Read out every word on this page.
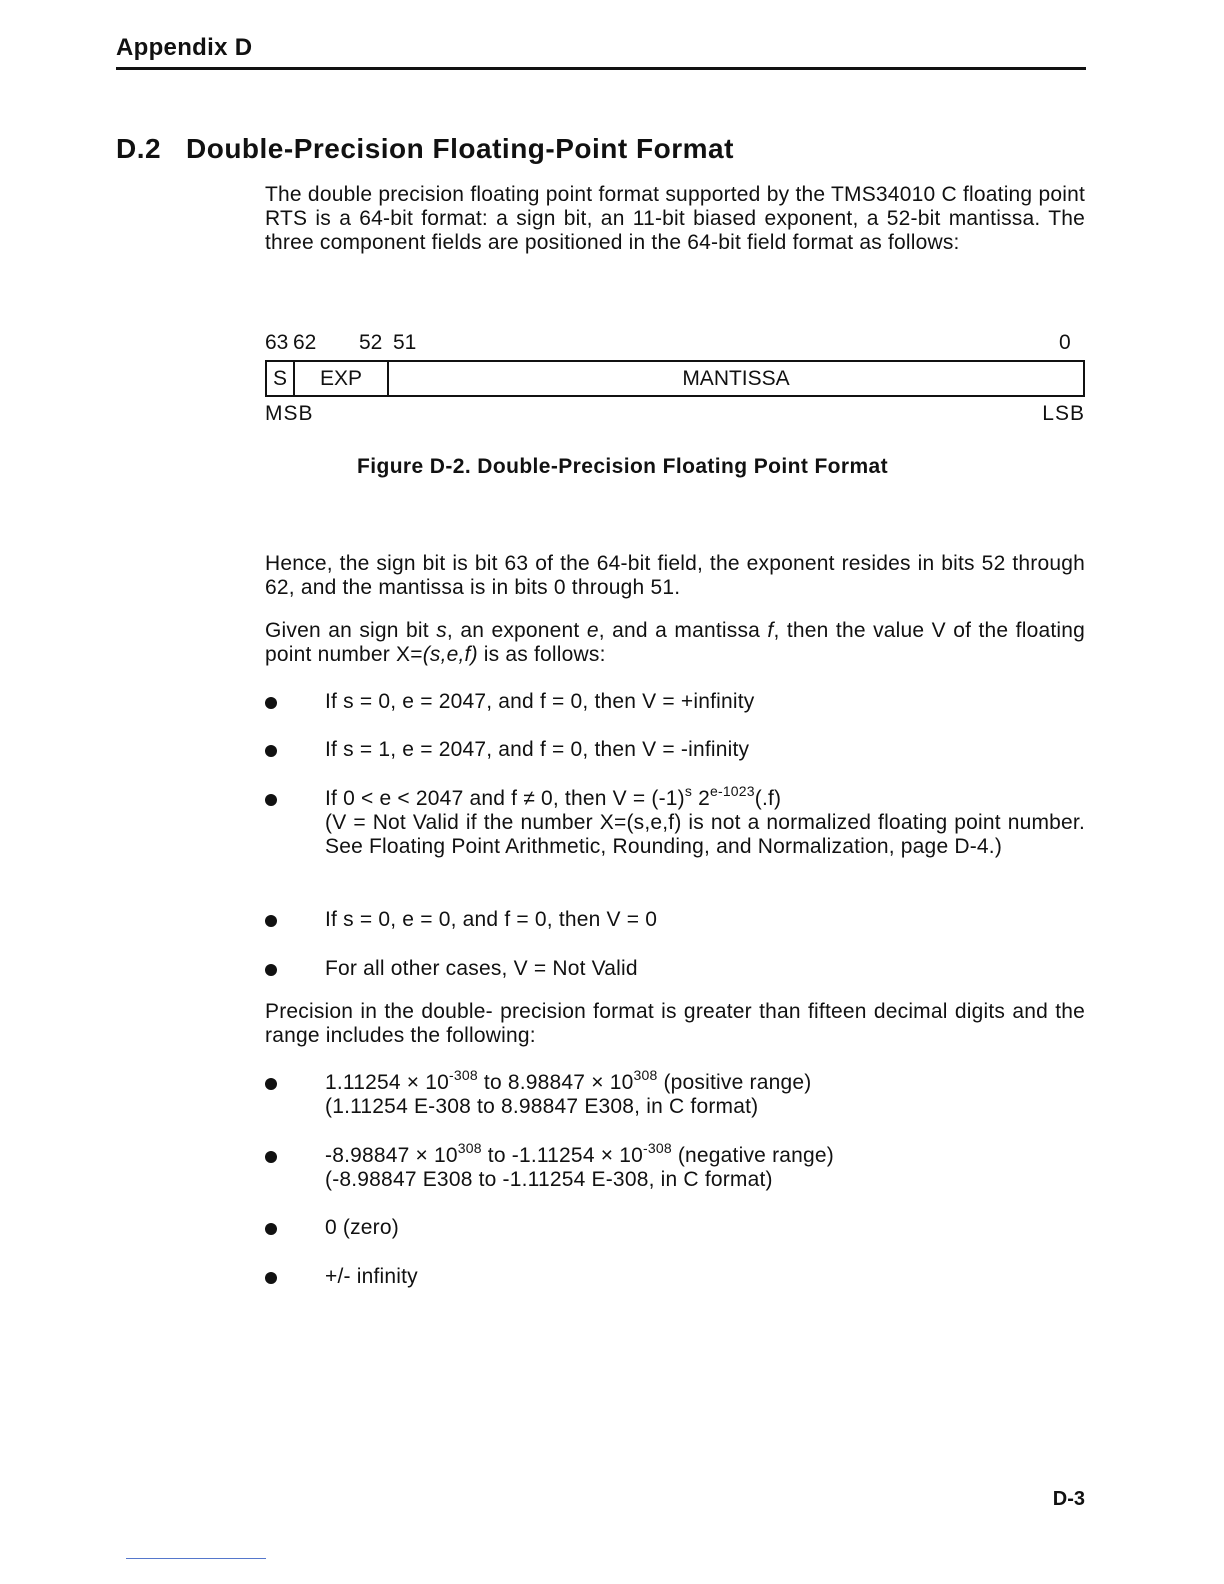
Appendix D
D.2 Double-Precision Floating-Point Format
The double precision floating point format supported by the TMS34010 C floating point RTS is a 64-bit format: a sign bit, an 11-bit biased exponent, a 52-bit mantissa. The three component fields are positioned in the 64-bit field format as follows:
63 62 52 51	0
S	EXP	MANTISSA
MSB	LSB
Figure D-2. Double-Precision Floating Point Format
Hence, the sign bit is bit 63 of the 64-bit field, the exponent resides in bits 52 through 62, and the mantissa is in bits 0 through 51.
Given an sign bit s, an exponent e, and a mantissa f, then the value V of the floating point number X=(s,e,f) is as follows:
If s = 0, e = 2047, and f = 0, then V = +infinity
If s = 1, e = 2047, and f = 0, then V = -infinity
If 0 < e < 2047 and f ≠ 0, then $V = (-1)^s$ $2^{e-1023}(.f)$
(V = Not Valid if the number X=(s,e,f) is not a normalized floating point number. See Floating Point Arithmetic, Rounding, and Normalization, page D-4.)
If s = 0, e = 0, and f = 0, then V = 0
For all other cases, V = Not Valid
Precision in the double- precision format is greater than fifteen decimal digits and the range includes the following:
$1.11254 \times 10^{-308}$ to $8.98847 \times 10^{308}$ (positive range)
(1.11254 E-308 to 8.98847 E308, in C format)
$-8.98847 \times 10^{308}$ to $-1.11254 \times 10^{-308}$ (negative range)
(-8.98847 E308 to -1.11254 E-308, in C format)
0 (zero)
+/- infinity
D-3
